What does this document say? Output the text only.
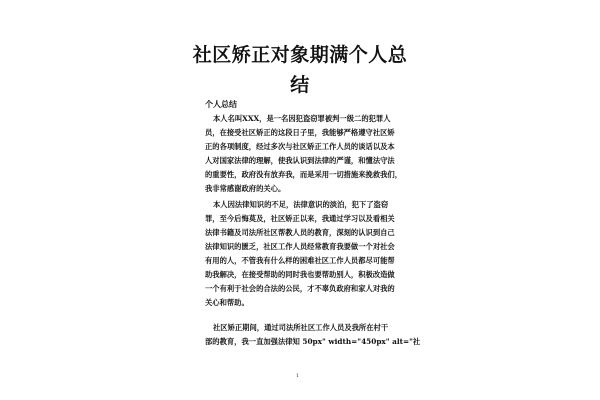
社区矫正对象期满个人总
结

个人总结

本人名叫XXX，是一名因犯盗窃罪被判一级二的犯罪人

员，在接受社区矫正的这段日子里，我能够严格遵守社区矫

正的各项制度，经过多次与社区矫正工作人员的谈话以及本

人对国家法律的理解，使我认识到法律的严谨，和懂法守法

的重要性，政府没有放弃我，而是采用一切措施来挽救我们，

我非常感谢政府的关心。

本人因法律知识的不足，法律意识的淡泊，犯下了盗窃

罪，至今后悔莫及，社区矫正以来，我通过学习以及看相关

法律书籍及司法所社区帮教人员的教育，深刻的认识到自己

法律知识的匮乏，社区工作人员经常教育我要做一个对社会

有用的人，不管我有什么样的困难社区工作人员都尽可能帮

助我解决，在接受帮助的同时我也要帮助别人，积极改造做

一个有利于社会的合法的公民，才不辜负政府和家人对我的

关心和帮助。

社区矫正期间，通过司法所社区工作人员及我所在村干

部的教育，我一直加强法律知 50px" width="450px" alt="社

1
